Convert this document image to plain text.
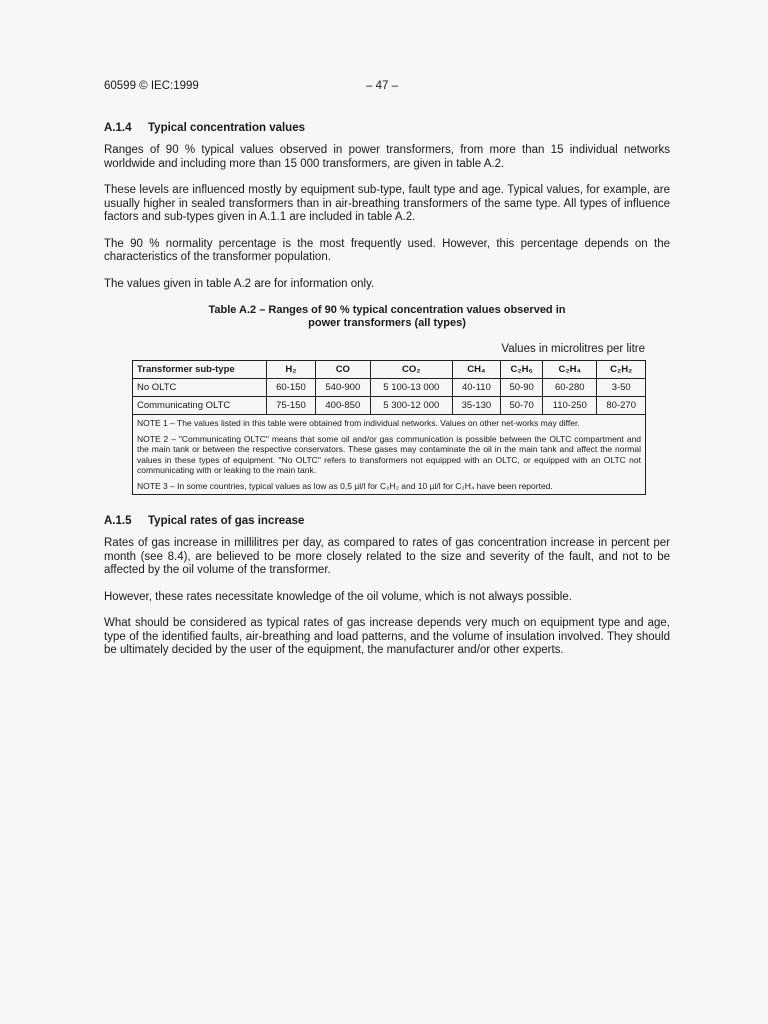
60599 © IEC:1999	– 47 –
A.1.4 Typical concentration values

Ranges of 90 % typical values observed in power transformers, from more than 15 individual networks worldwide and including more than 15 000 transformers, are given in table A.2.

These levels are influenced mostly by equipment sub-type, fault type and age. Typical values, for example, are usually higher in sealed transformers than in air-breathing transformers of the same type. All types of influence factors and sub-types given in A.1.1 are included in table A.2.

The 90 % normality percentage is the most frequently used. However, this percentage depends on the characteristics of the transformer population.

The values given in table A.2 are for information only.

Table A.2 – Ranges of 90 % typical concentration values observed in
power transformers (all types)
Values in microlitres per litre
Transformer sub-type	H₂	CO	CO₂	CH₄	C₂H₆	C₂H₄	C₂H₂
No OLTC	60-150	540-900	5 100-13 000	40-110	50-90	60-280	3-50
Communicating OLTC	75-150	400-850	5 300-12 000	35-130	50-70	110-250	80-270

NOTE 1 – The values listed in this table were obtained from individual networks. Values on other net-works may differ.
NOTE 2 – "Communicating OLTC" means that some oil and/or gas communication is possible between the OLTC compartment and the main tank or between the respective conservators. These gases may contaminate the oil in the main tank and affect the normal values in these types of equipment. "No OLTC" refers to transformers not equipped with an OLTC, or equipped with an OLTC not communicating with or leaking to the main tank.
NOTE 3 – In some countries, typical values as low as 0,5 µl/l for C₂H₂ and 10 µl/l for C₂H₄ have been reported.							
A.1.5 Typical rates of gas increase

Rates of gas increase in millilitres per day, as compared to rates of gas concentration increase in percent per month (see 8.4), are believed to be more closely related to the size and severity of the fault, and not to be affected by the oil volume of the transformer.

However, these rates necessitate knowledge of the oil volume, which is not always possible.

What should be considered as typical rates of gas increase depends very much on equipment type and age, type of the identified faults, air-breathing and load patterns, and the volume of insulation involved. They should be ultimately decided by the user of the equipment, the manufacturer and/or other experts.
